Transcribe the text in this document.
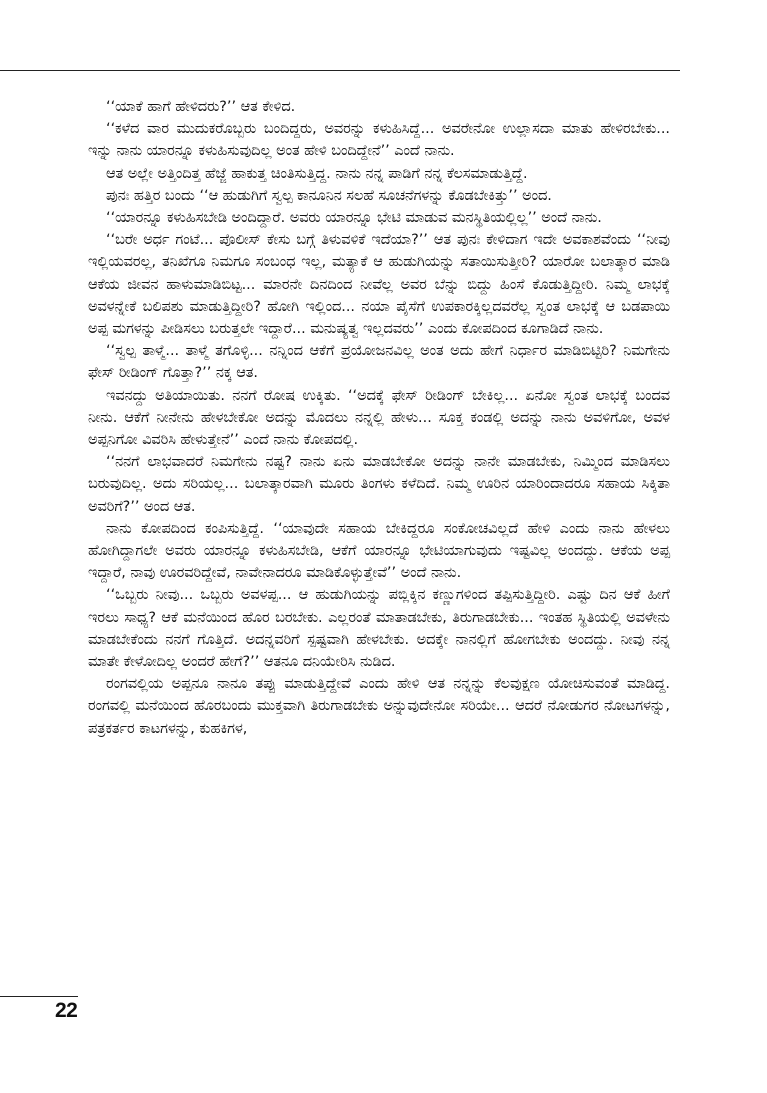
‘‘ಯಾಕೆ ಹಾಗೆ ಹೇಳಿದರು?’’ ಆತ ಕೇಳಿದ.

‘‘ಕಳೆದ ವಾರ ಮುದುಕರೊಬ್ಬರು ಬಂದಿದ್ದರು, ಅವರನ್ನು ಕಳುಹಿಸಿದ್ದೆ... ಅವರೇನೋ ಉಲ್ಲಾಸದಾ ಮಾತು ಹೇಳಿರಬೇಕು... ಇನ್ನು ನಾನು ಯಾರನ್ನೂ ಕಳುಹಿಸುವುದಿಲ್ಲ ಅಂತ ಹೇಳಿ ಬಂದಿದ್ದೇನೆ’’ ಎಂದೆ ನಾನು.

ಆತ ಅಲ್ಲೇ ಅತ್ತಿಂದಿತ್ತ ಹೆಜ್ಜೆ ಹಾಕುತ್ತ ಚಿಂತಿಸುತ್ತಿದ್ದ. ನಾನು ನನ್ನ ಪಾಡಿಗೆ ನನ್ನ ಕೆಲಸಮಾಡುತ್ತಿದ್ದೆ.

ಪುನಃ ಹತ್ತಿರ ಬಂದು ‘‘ಆ ಹುಡುಗಿಗೆ ಸ್ವಲ್ಪ ಕಾನೂನಿನ ಸಲಹೆ ಸೂಚನೆಗಳನ್ನು ಕೊಡಬೇಕಿತ್ತು’’ ಅಂದ.

‘‘ಯಾರನ್ನೂ ಕಳುಹಿಸಬೇಡಿ ಅಂದಿದ್ದಾರೆ. ಅವರು ಯಾರನ್ನೂ ಭೇಟಿ ಮಾಡುವ ಮನಸ್ಥಿತಿಯಲ್ಲಿಲ್ಲ’’ ಅಂದೆ ನಾನು.

‘‘ಬರೇ ಅರ್ಧ ಗಂಟೆ... ಪೊಲೀಸ್ ಕೇಸು ಬಗ್ಗೆ ತಿಳುವಳಿಕೆ ಇದೆಯಾ?’’ ಆತ ಪುನಃ ಕೇಳಿದಾಗ ಇದೇ ಅವಕಾಶವೆಂದು ‘‘ನೀವು ಇಲ್ಲಿಯವರಲ್ಲ, ತನಿಖೆಗೂ ನಿಮಗೂ ಸಂಬಂಧ ಇಲ್ಲ, ಮತ್ಯಾಕೆ ಆ ಹುಡುಗಿಯನ್ನು ಸತಾಯಿಸುತ್ತೀರಿ? ಯಾರೋ ಬಲಾತ್ಕಾರ ಮಾಡಿ ಆಕೆಯ ಜೀವನ ಹಾಳುಮಾಡಿಬಿಟ್ಟ... ಮಾರನೇ ದಿನದಿಂದ ನೀವೆಲ್ಲ ಅವರ ಬೆನ್ನು ಬಿದ್ದು ಹಿಂಸೆ ಕೊಡುತ್ತಿದ್ದೀರಿ. ನಿಮ್ಮ ಲಾಭಕ್ಕೆ ಅವಳನ್ನೇಕೆ ಬಲಿಪಶು ಮಾಡುತ್ತಿದ್ದೀರಿ? ಹೋಗಿ ಇಲ್ಲಿಂದ... ನಯಾ ಪೈಸೆಗೆ ಉಪಕಾರಕ್ಕಿಲ್ಲದವರೆಲ್ಲ ಸ್ವಂತ ಲಾಭಕ್ಕೆ ಆ ಬಡಪಾಯಿ ಅಪ್ಪ ಮಗಳನ್ನು ಪೀಡಿಸಲು ಬರುತ್ತಲೇ ಇದ್ದಾರೆ... ಮನುಷ್ಯತ್ವ ಇಲ್ಲದವರು’’ ಎಂದು ಕೋಪದಿಂದ ಕೂಗಾಡಿದೆ ನಾನು.

‘‘ಸ್ವಲ್ಪ ತಾಳ್ಮೆ... ತಾಳ್ಮೆ ತಗೊಳ್ಳಿ... ನನ್ನಿಂದ ಆಕೆಗೆ ಪ್ರಯೋಜನವಿಲ್ಲ ಅಂತ ಅದು ಹೇಗೆ ನಿರ್ಧಾರ ಮಾಡಿಬಿಟ್ಟಿರಿ? ನಿಮಗೇನು ಫೇಸ್ ರೀಡಿಂಗ್ ಗೊತ್ತಾ?’’ ನಕ್ಕ ಆತ.

ಇವನದ್ದು ಅತಿಯಾಯಿತು. ನನಗೆ ರೋಷ ಉಕ್ಕಿತು. ‘‘ಅದಕ್ಕೆ ಫೇಸ್ ರೀಡಿಂಗ್ ಬೇಕಿಲ್ಲ... ಏನೋ ಸ್ವಂತ ಲಾಭಕ್ಕೆ ಬಂದವ ನೀನು. ಆಕೆಗೆ ನೀನೇನು ಹೇಳಬೇಕೋ ಅದನ್ನು ಮೊದಲು ನನ್ನಲ್ಲಿ ಹೇಳು... ಸೂಕ್ತ ಕಂಡಲ್ಲಿ ಅದನ್ನು ನಾನು ಅವಳಿಗೋ, ಅವಳ ಅಪ್ಪನಿಗೋ ವಿವರಿಸಿ ಹೇಳುತ್ತೇನೆ’’ ಎಂದೆ ನಾನು ಕೋಪದಲ್ಲಿ.

‘‘ನನಗೆ ಲಾಭವಾದರೆ ನಿಮಗೇನು ನಷ್ಟ? ನಾನು ಏನು ಮಾಡಬೇಕೋ ಅದನ್ನು ನಾನೇ ಮಾಡಬೇಕು, ನಿಮ್ಮಿಂದ ಮಾಡಿಸಲು ಬರುವುದಿಲ್ಲ. ಅದು ಸರಿಯಲ್ಲ... ಬಲಾತ್ಕಾರವಾಗಿ ಮೂರು ತಿಂಗಳು ಕಳೆದಿದೆ. ನಿಮ್ಮ ಊರಿನ ಯಾರಿಂದಾದರೂ ಸಹಾಯ ಸಿಕ್ಕಿತಾ ಅವರಿಗೆ?’’ ಅಂದ ಆತ.

ನಾನು ಕೋಪದಿಂದ ಕಂಪಿಸುತ್ತಿದ್ದೆ. ‘‘ಯಾವುದೇ ಸಹಾಯ ಬೇಕಿದ್ದರೂ ಸಂಕೋಚವಿಲ್ಲದೆ ಹೇಳಿ ಎಂದು ನಾನು ಹೇಳಲು ಹೋಗಿದ್ದಾಗಲೇ ಅವರು ಯಾರನ್ನೂ ಕಳುಹಿಸಬೇಡಿ, ಆಕೆಗೆ ಯಾರನ್ನೂ ಭೇಟಿಯಾಗುವುದು ಇಷ್ಟವಿಲ್ಲ ಅಂದದ್ದು. ಆಕೆಯ ಅಪ್ಪ ಇದ್ದಾರೆ, ನಾವು ಊರವರಿದ್ದೇವೆ, ನಾವೇನಾದರೂ ಮಾಡಿಕೊಳ್ಳುತ್ತೇವೆ’’ ಅಂದೆ ನಾನು.

‘‘ಒಬ್ಬರು ನೀವು... ಒಬ್ಬರು ಅವಳಪ್ಪ... ಆ ಹುಡುಗಿಯನ್ನು ಪಬ್ಲಿಕ್ಕಿನ ಕಣ್ಣುಗಳಿಂದ ತಪ್ಪಿಸುತ್ತಿದ್ದೀರಿ. ಎಷ್ಟು ದಿನ ಆಕೆ ಹೀಗೆ ಇರಲು ಸಾಧ್ಯ? ಆಕೆ ಮನೆಯಿಂದ ಹೊರ ಬರಬೇಕು. ಎಲ್ಲರಂತೆ ಮಾತಾಡಬೇಕು, ತಿರುಗಾಡಬೇಕು... ಇಂತಹ ಸ್ಥಿತಿಯಲ್ಲಿ ಅವಳೇನು ಮಾಡಬೇಕೆಂದು ನನಗೆ ಗೊತ್ತಿದೆ. ಅದನ್ನವರಿಗೆ ಸ್ಪಷ್ಟವಾಗಿ ಹೇಳಬೇಕು. ಅದಕ್ಕೇ ನಾನಲ್ಲಿಗೆ ಹೋಗಬೇಕು ಅಂದದ್ದು. ನೀವು ನನ್ನ ಮಾತೇ ಕೇಳೋದಿಲ್ಲ ಅಂದರೆ ಹೇಗೆ?’’ ಆತನೂ ದನಿಯೇರಿಸಿ ನುಡಿದ.

ರಂಗವಲ್ಲಿಯ ಅಪ್ಪನೂ ನಾನೂ ತಪ್ಪು ಮಾಡುತ್ತಿದ್ದೇವೆ ಎಂದು ಹೇಳಿ ಆತ ನನ್ನನ್ನು ಕೆಲವುಕ್ಷಣ ಯೋಚಿಸುವಂತೆ ಮಾಡಿದ್ದ. ರಂಗವಲ್ಲಿ ಮನೆಯಿಂದ ಹೊರಬಂದು ಮುಕ್ತವಾಗಿ ತಿರುಗಾಡಬೇಕು ಅನ್ನುವುದೇನೋ ಸರಿಯೇ... ಆದರೆ ನೋಡುಗರ ನೋಟಗಳನ್ನು, ಪತ್ರಕರ್ತರ ಕಾಟಗಳನ್ನು, ಕುಹಕಿಗಳ,

22
